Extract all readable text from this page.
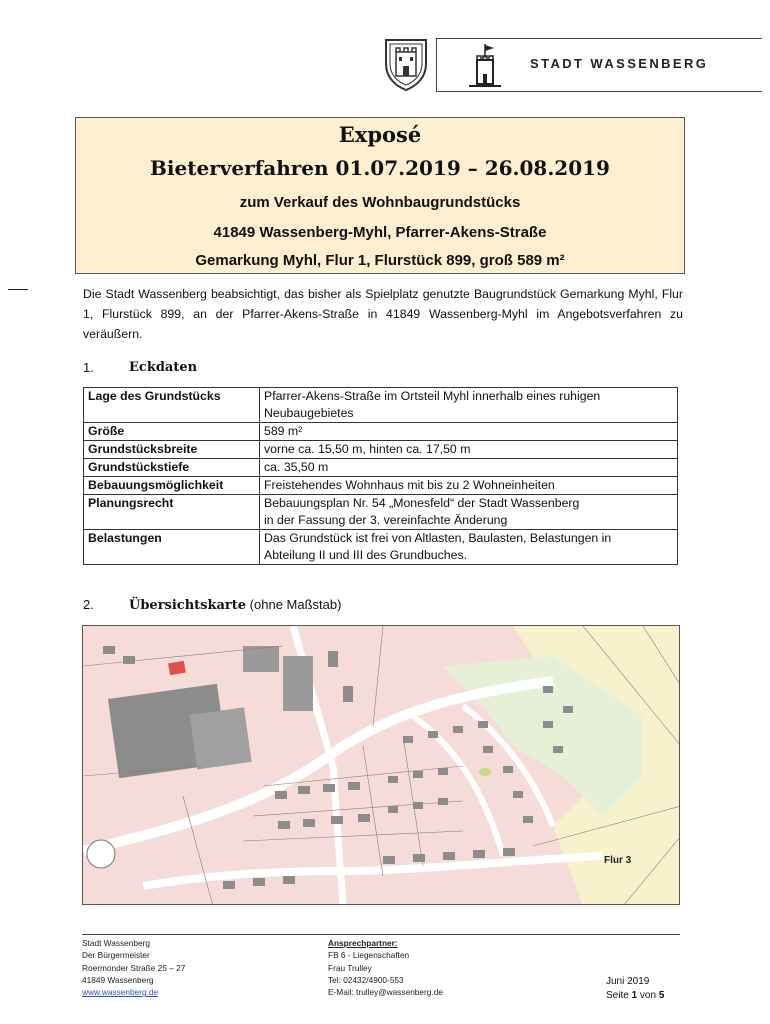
STADT WASSENBERG
Exposé
Bieterverfahren 01.07.2019 – 26.08.2019
zum Verkauf des Wohnbaugrundstücks
41849 Wassenberg-Myhl, Pfarrer-Akens-Straße
Gemarkung Myhl, Flur 1, Flurstück 899, groß 589 m²
Die Stadt Wassenberg beabsichtigt, das bisher als Spielplatz genutzte Baugrundstück Gemarkung Myhl, Flur 1, Flurstück 899, an der Pfarrer-Akens-Straße in 41849 Wassenberg-Myhl im Angebotsverfahren zu veräußern.
1.	Eckdaten
Lage des Grundstücks	Pfarrer-Akens-Straße im Ortsteil Myhl innerhalb eines ruhigen
Neubaugebietes
Größe	589 m²
Grundstücksbreite	vorne ca. 15,50 m, hinten ca. 17,50 m
Grundstückstiefe	ca. 35,50 m
Bebauungsmöglichkeit	Freistehendes Wohnhaus mit bis zu 2 Wohneinheiten
Planungsrecht	Bebauungsplan Nr. 54 „Monesfeld“ der Stadt Wassenberg
in der Fassung der 3. vereinfachte Änderung
Belastungen	Das Grundstück ist frei von Altlasten, Baulasten, Belastungen in
Abteilung II und III des Grundbuches.
2.	Übersichtskarte (ohne Maßstab)
Flur 3
Stadt Wassenberg
Der Bürgermeister
Roermonder Straße 25 – 27
41849 Wassenberg
www.wassenberg.de
Ansprechpartner:
FB 6 - Liegenschaften
Frau Trulley
Tel: 02432/4900-553
E-Mail: trulley@wassenberg.de
Juni 2019
Seite 1 von 5
